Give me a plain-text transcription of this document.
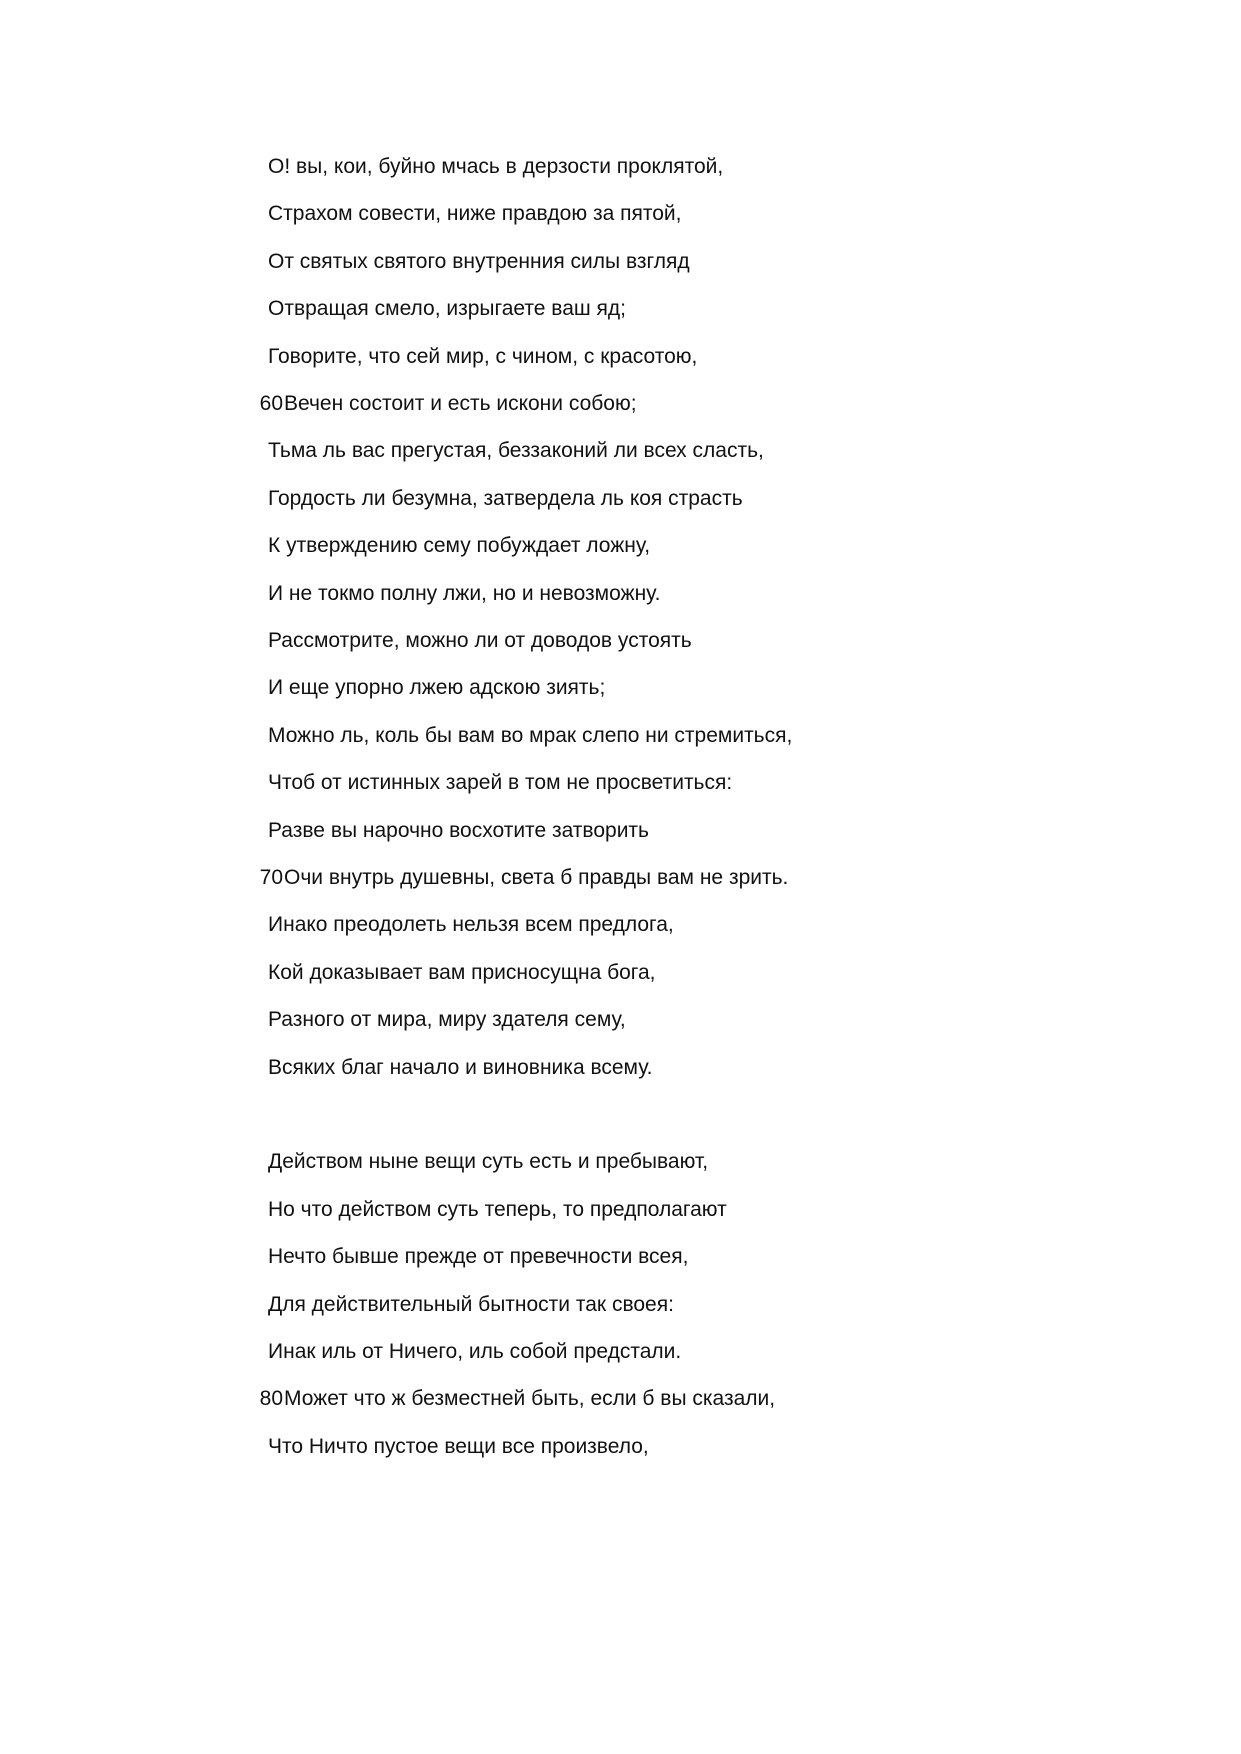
О! вы, кои, буйно мчась в дерзости проклятой,
Страхом совести, ниже правдою за пятой,
От святых святого внутренния силы взгляд
Отвращая смело, изрыгаете ваш яд;
Говорите, что сей мир, с чином, с красотою,
60 Вечен состоит и есть искони собою;
Тьма ль вас прегустая, беззаконий ли всех сласть,
Гордость ли безумна, затвердела ль коя страсть
К утверждению сему побуждает ложну,
И не токмо полну лжи, но и невозможну.
Рассмотрите, можно ли от доводов устоять
И еще упорно лжею адскою зиять;
Можно ль, коль бы вам во мрак слепо ни стремиться,
Чтоб от истинных зарей в том не просветиться:
Разве вы нарочно восхотите затворить
70 Очи внутрь душевны, света б правды вам не зрить.
Инако преодолеть нельзя всем предлога,
Кой доказывает вам присносущна бога,
Разного от мира, миру здателя сему,
Всяких благ начало и виновника всему.
Действом ныне вещи суть есть и пребывают,
Но что действом суть теперь, то предполагают
Нечто бывше прежде от превечности всея,
Для действительный бытности так своея:
Инак иль от Ничего, иль собой предстали.
80 Может что ж безместней быть, если б вы сказали,
Что Ничто пустое вещи все произвело,
